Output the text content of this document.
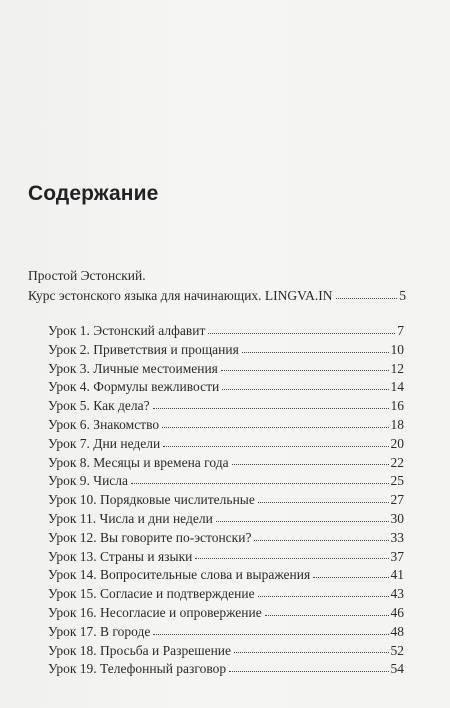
Содержание
Простой Эстонский.
Курс эстонского языка для начинающих. LINGVA.IN	5
Урок 1. Эстонский алфавит	7
Урок 2. Приветствия и прощания	10
Урок 3. Личные местоимения	12
Урок 4. Формулы вежливости	14
Урок 5. Как дела?	16
Урок 6. Знакомство	18
Урок 7. Дни недели	20
Урок 8. Месяцы и времена года	22
Урок 9. Числа	25
Урок 10. Порядковые числительные	27
Урок 11. Числа и дни недели	30
Урок 12. Вы говорите по-эстонски?	33
Урок 13. Страны и языки	37
Урок 14. Вопросительные слова и выражения	41
Урок 15. Согласие и подтверждение	43
Урок 16. Несогласие и опровержение	46
Урок 17. В городе	48
Урок 18. Просьба и Разрешение	52
Урок 19. Телефонный разговор	54
